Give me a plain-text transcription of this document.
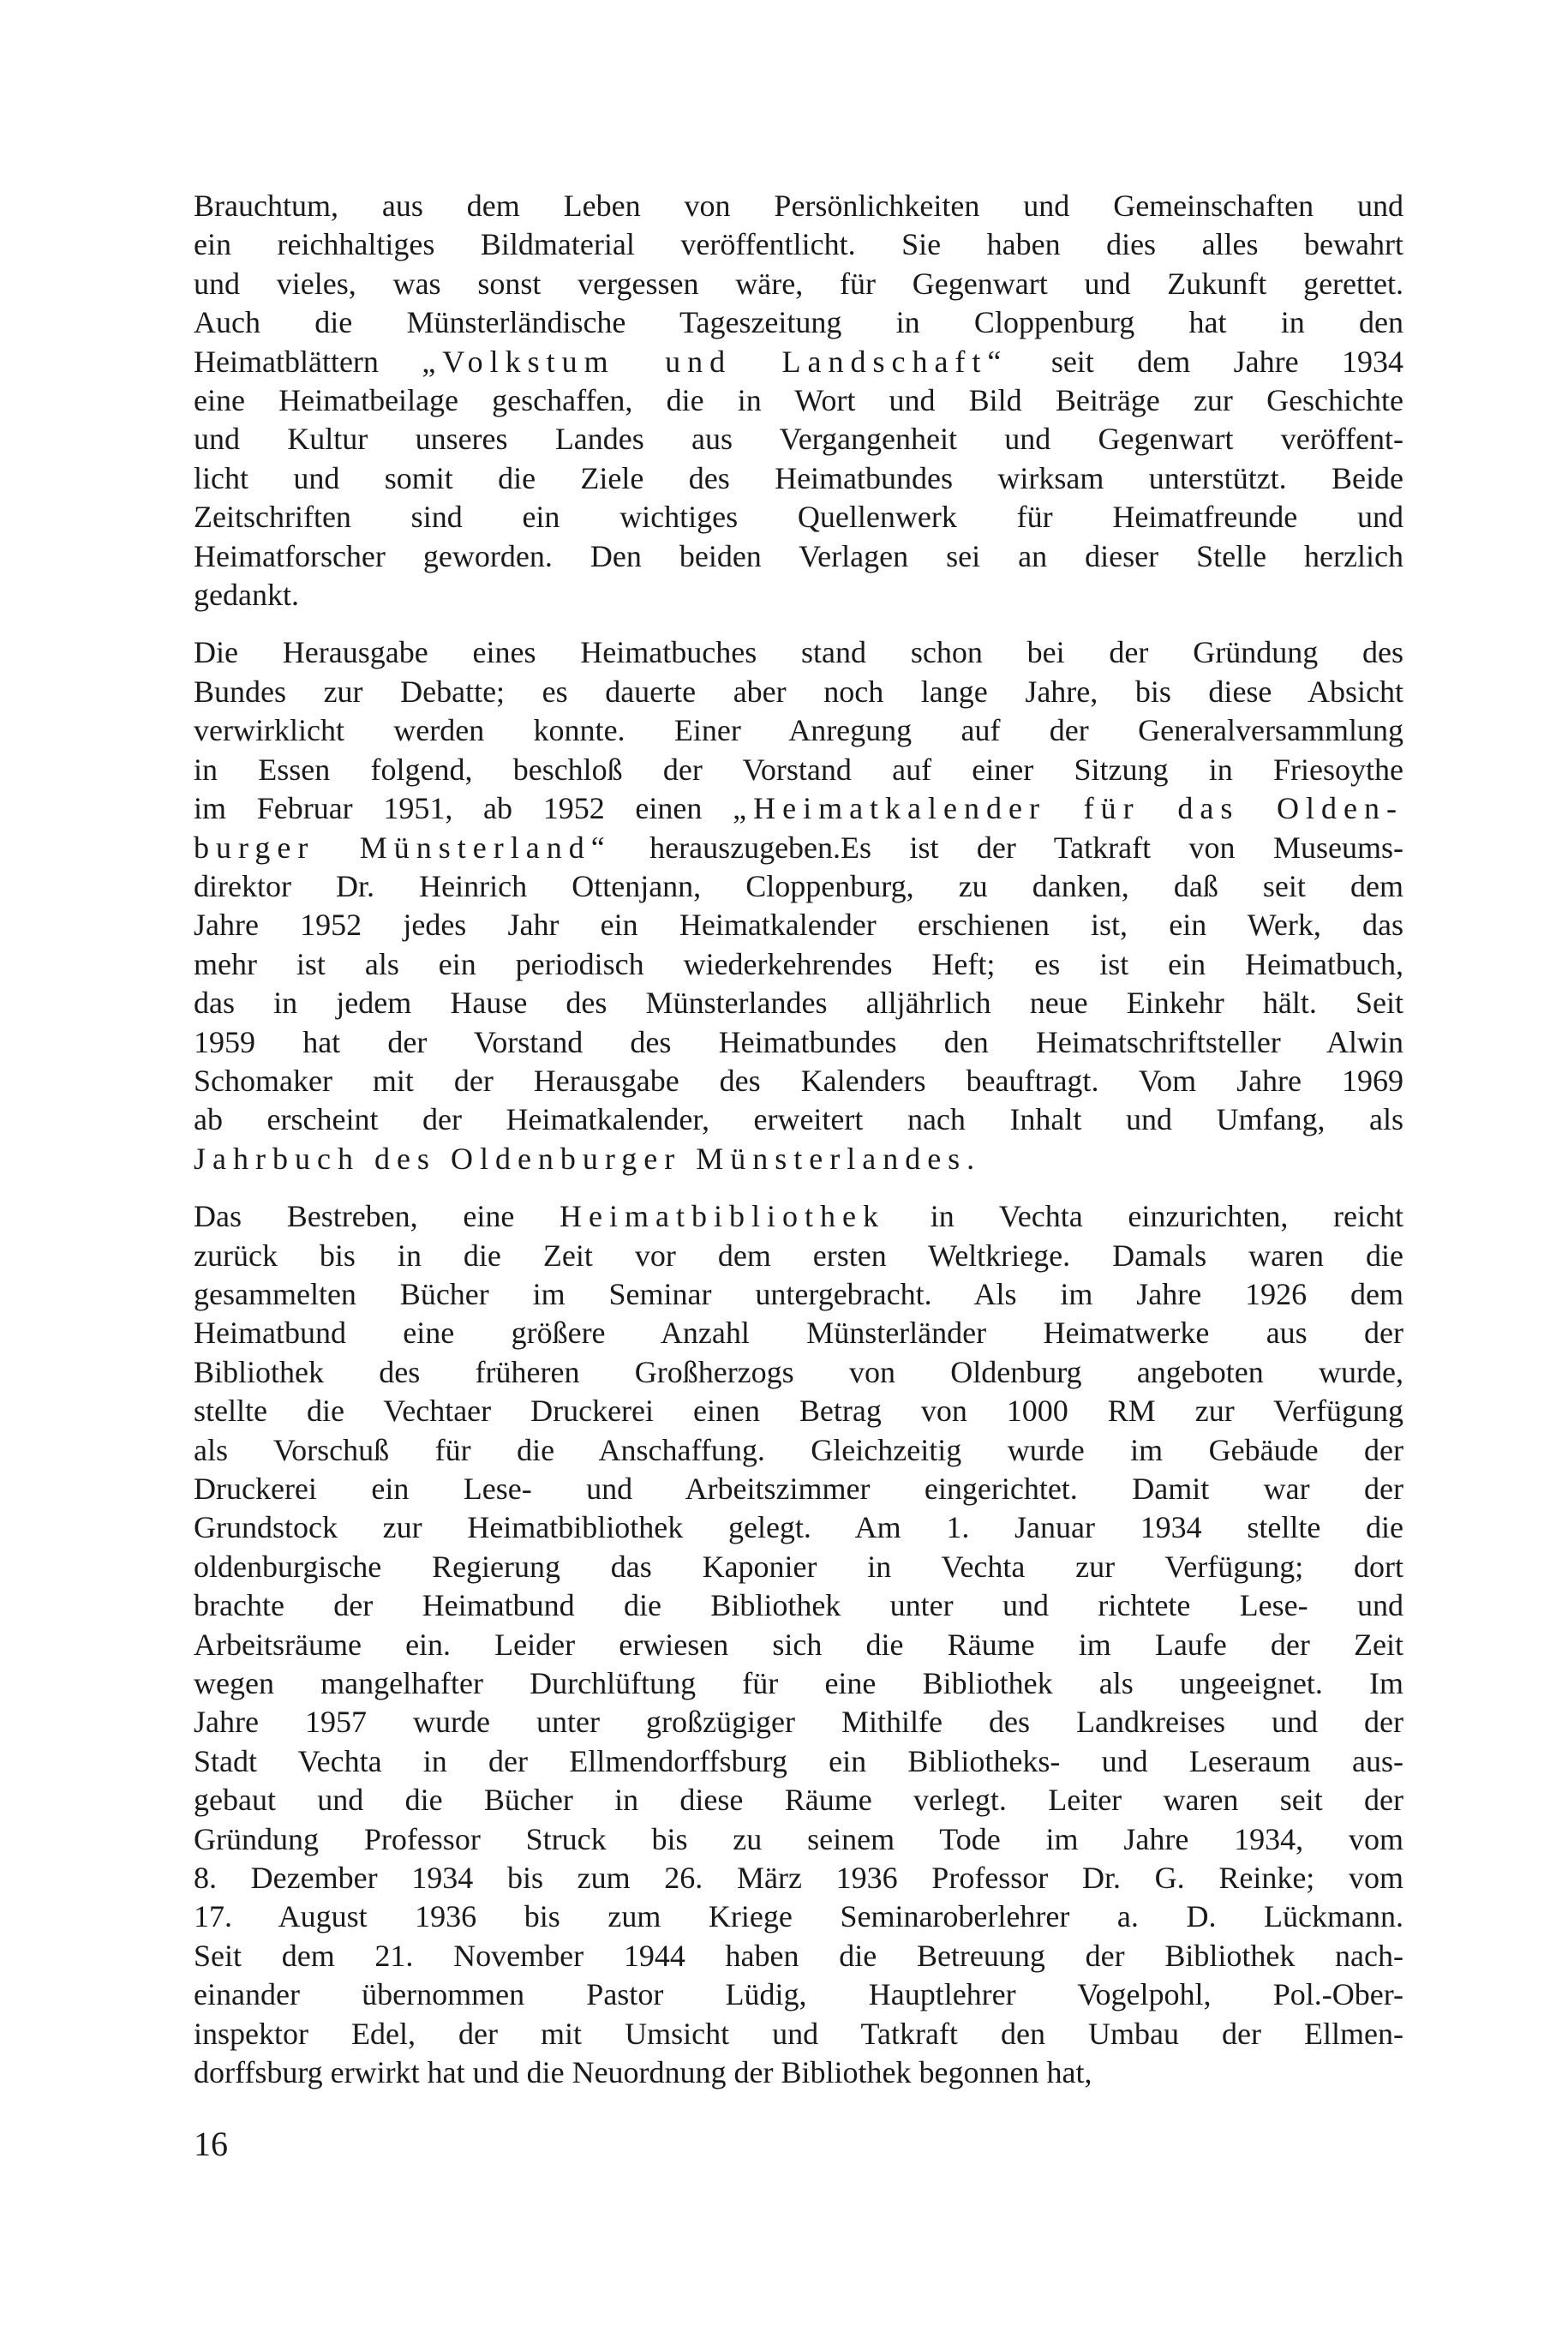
Brauchtum, aus dem Leben von Persönlichkeiten und Gemeinschaften und
ein reichhaltiges Bildmaterial veröffentlicht. Sie haben dies alles bewahrt
und vieles, was sonst vergessen wäre, für Gegenwart und Zukunft gerettet.
Auch die Münsterländische Tageszeitung in Cloppenburg hat in den
Heimatblättern „Volkstum und Landschaft“ seit dem Jahre 1934
eine Heimatbeilage geschaffen, die in Wort und Bild Beiträge zur Geschichte
und Kultur unseres Landes aus Vergangenheit und Gegenwart veröffent-
licht und somit die Ziele des Heimatbundes wirksam unterstützt. Beide
Zeitschriften sind ein wichtiges Quellenwerk für Heimatfreunde und
Heimatforscher geworden. Den beiden Verlagen sei an dieser Stelle herzlich
gedankt.

Die Herausgabe eines Heimatbuches stand schon bei der Gründung des
Bundes zur Debatte; es dauerte aber noch lange Jahre, bis diese Absicht
verwirklicht werden konnte. Einer Anregung auf der Generalversammlung
in Essen folgend, beschloß der Vorstand auf einer Sitzung in Friesoythe
im Februar 1951, ab 1952 einen „Heimatkalender für das Olden-
burger Münsterland“ herauszugeben.Es ist der Tatkraft von Museums-
direktor Dr. Heinrich Ottenjann, Cloppenburg, zu danken, daß seit dem
Jahre 1952 jedes Jahr ein Heimatkalender erschienen ist, ein Werk, das
mehr ist als ein periodisch wiederkehrendes Heft; es ist ein Heimatbuch,
das in jedem Hause des Münsterlandes alljährlich neue Einkehr hält. Seit
1959 hat der Vorstand des Heimatbundes den Heimatschriftsteller Alwin
Schomaker mit der Herausgabe des Kalenders beauftragt. Vom Jahre 1969
ab erscheint der Heimatkalender, erweitert nach Inhalt und Umfang, als
Jahrbuch des Oldenburger Münsterlandes.

Das Bestreben, eine Heimatbibliothek in Vechta einzurichten, reicht
zurück bis in die Zeit vor dem ersten Weltkriege. Damals waren die
gesammelten Bücher im Seminar untergebracht. Als im Jahre 1926 dem
Heimatbund eine größere Anzahl Münsterländer Heimatwerke aus der
Bibliothek des früheren Großherzogs von Oldenburg angeboten wurde,
stellte die Vechtaer Druckerei einen Betrag von 1000 RM zur Verfügung
als Vorschuß für die Anschaffung. Gleichzeitig wurde im Gebäude der
Druckerei ein Lese- und Arbeitszimmer eingerichtet. Damit war der
Grundstock zur Heimatbibliothek gelegt. Am 1. Januar 1934 stellte die
oldenburgische Regierung das Kaponier in Vechta zur Verfügung; dort
brachte der Heimatbund die Bibliothek unter und richtete Lese- und
Arbeitsräume ein. Leider erwiesen sich die Räume im Laufe der Zeit
wegen mangelhafter Durchlüftung für eine Bibliothek als ungeeignet. Im
Jahre 1957 wurde unter großzügiger Mithilfe des Landkreises und der
Stadt Vechta in der Ellmendorffsburg ein Bibliotheks- und Leseraum aus-
gebaut und die Bücher in diese Räume verlegt. Leiter waren seit der
Gründung Professor Struck bis zu seinem Tode im Jahre 1934, vom
8. Dezember 1934 bis zum 26. März 1936 Professor Dr. G. Reinke; vom
17. August 1936 bis zum Kriege Seminaroberlehrer a. D. Lückmann.
Seit dem 21. November 1944 haben die Betreuung der Bibliothek nach-
einander übernommen Pastor Lüdig, Hauptlehrer Vogelpohl, Pol.-Ober-
inspektor Edel, der mit Umsicht und Tatkraft den Umbau der Ellmen-
dorffsburg erwirkt hat und die Neuordnung der Bibliothek begonnen hat,

16
